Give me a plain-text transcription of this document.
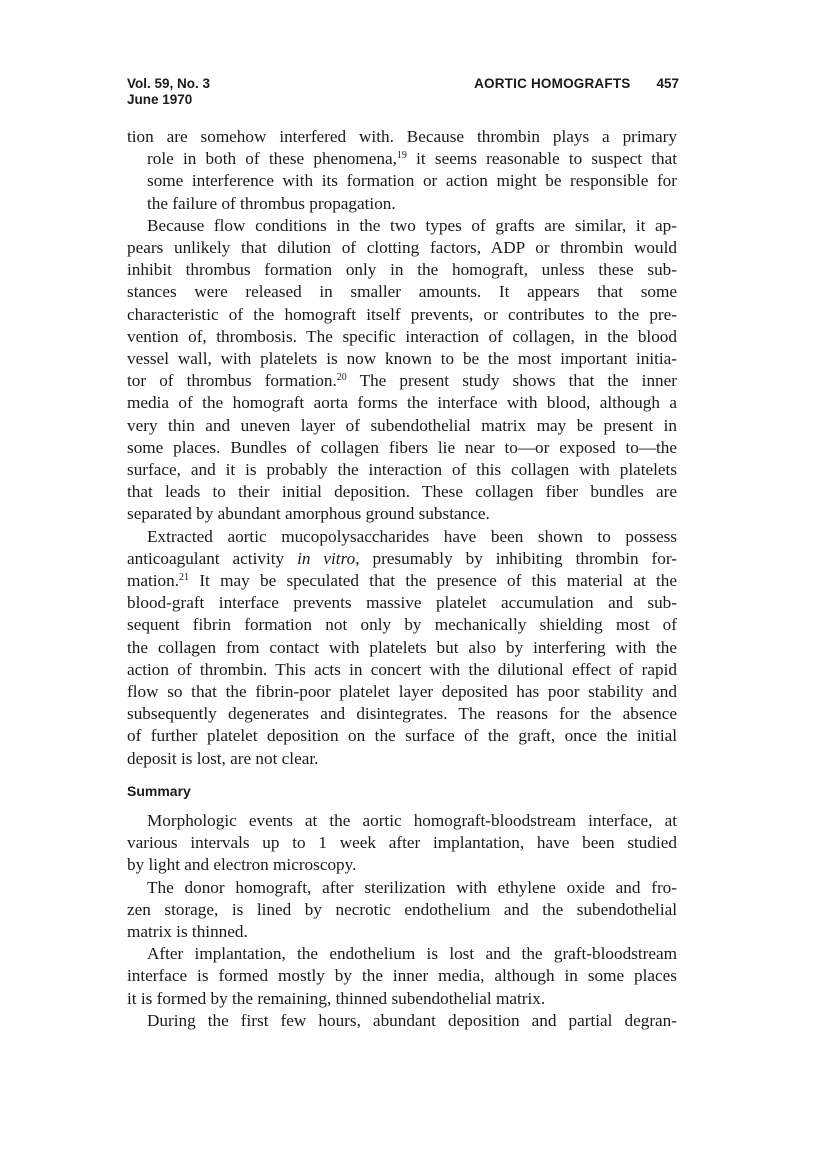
Vol. 59, No. 3
June 1970
AORTIC HOMOGRAFTS 457
tion are somehow interfered with. Because thrombin plays a primary
role in both of these phenomena,$^{19}$ it seems reasonable to suspect that
some interference with its formation or action might be responsible for
the failure of thrombus propagation.
Because flow conditions in the two types of grafts are similar, it ap-
pears unlikely that dilution of clotting factors, ADP or thrombin would
inhibit thrombus formation only in the homograft, unless these sub-
stances were released in smaller amounts. It appears that some
characteristic of the homograft itself prevents, or contributes to the pre-
vention of, thrombosis. The specific interaction of collagen, in the blood
vessel wall, with platelets is now known to be the most important initia-
tor of thrombus formation.$^{20}$ The present study shows that the inner
media of the homograft aorta forms the interface with blood, although a
very thin and uneven layer of subendothelial matrix may be present in
some places. Bundles of collagen fibers lie near to—or exposed to—the
surface, and it is probably the interaction of this collagen with platelets
that leads to their initial deposition. These collagen fiber bundles are
separated by abundant amorphous ground substance.
Extracted aortic mucopolysaccharides have been shown to possess
anticoagulant activity in vitro, presumably by inhibiting thrombin for-
mation.$^{21}$ It may be speculated that the presence of this material at the
blood-graft interface prevents massive platelet accumulation and sub-
sequent fibrin formation not only by mechanically shielding most of
the collagen from contact with platelets but also by interfering with the
action of thrombin. This acts in concert with the dilutional effect of rapid
flow so that the fibrin-poor platelet layer deposited has poor stability and
subsequently degenerates and disintegrates. The reasons for the absence
of further platelet deposition on the surface of the graft, once the initial
deposit is lost, are not clear.
Summary
Morphologic events at the aortic homograft-bloodstream interface, at
various intervals up to 1 week after implantation, have been studied
by light and electron microscopy.
The donor homograft, after sterilization with ethylene oxide and fro-
zen storage, is lined by necrotic endothelium and the subendothelial
matrix is thinned.
After implantation, the endothelium is lost and the graft-bloodstream
interface is formed mostly by the inner media, although in some places
it is formed by the remaining, thinned subendothelial matrix.
During the first few hours, abundant deposition and partial degran-
